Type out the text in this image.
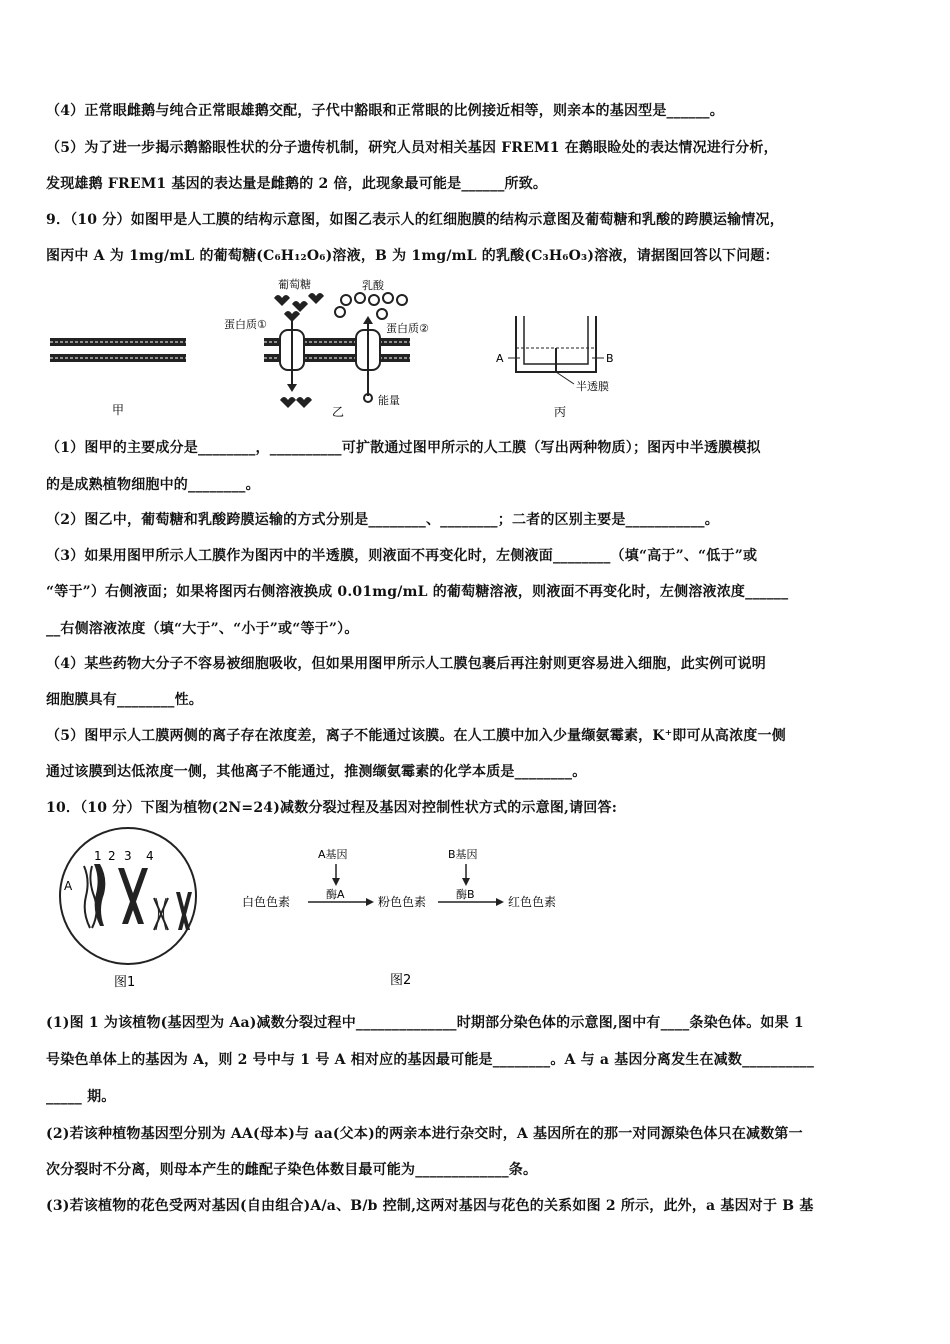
（4）正常眼雌鹅与纯合正常眼雄鹅交配，子代中豁眼和正常眼的比例接近相等，则亲本的基因型是______。
（5）为了进一步揭示鹅豁眼性状的分子遗传机制，研究人员对相关基因 FREM1 在鹅眼睑处的表达情况进行分析，
发现雄鹅 FREM1 基因的表达量是雌鹅的 2 倍，此现象最可能是______所致。
9．（10 分）如图甲是人工膜的结构示意图，如图乙表示人的红细胞膜的结构示意图及葡萄糖和乳酸的跨膜运输情况，
图丙中 A 为 1mg/mL 的葡萄糖(C₆H₁₂O₆)溶液，B 为 1mg/mL 的乳酸(C₃H₆O₃)溶液，请据图回答以下问题：
甲
葡萄糖	乳酸
蛋白质①	蛋白质②
能量
乙
A	B
半透膜
丙
（1）图甲的主要成分是________，__________可扩散通过图甲所示的人工膜（写出两种物质）；图丙中半透膜模拟
的是成熟植物细胞中的________。
（2）图乙中，葡萄糖和乳酸跨膜运输的方式分别是________、________；二者的区别主要是___________。
（3）如果用图甲所示人工膜作为图丙中的半透膜，则液面不再变化时，左侧液面________（填“高于”、“低于”或
“等于”）右侧液面；如果将图丙右侧溶液换成 0.01mg/mL 的葡萄糖溶液，则液面不再变化时，左侧溶液浓度______
__右侧溶液浓度（填“大于”、“小于”或“等于”）。
（4）某些药物大分子不容易被细胞吸收，但如果用图甲所示人工膜包裹后再注射则更容易进入细胞，此实例可说明
细胞膜具有________性。
（5）图甲示人工膜两侧的离子存在浓度差，离子不能通过该膜。在人工膜中加入少量缬氨霉素，K⁺即可从高浓度一侧
通过该膜到达低浓度一侧，其他离子不能通过，推测缬氨霉素的化学本质是________。
10．（10 分）下图为植物(2N=24)减数分裂过程及基因对控制性状方式的示意图,请回答:
1 2 3 4
A
图1
A基因	B基因
酶A	酶B
白色色素	粉色色素	红色色素
图2
(1)图 1 为该植物(基因型为 Aa)减数分裂过程中______________时期部分染色体的示意图,图中有____条染色体。如果 1
号染色单体上的基因为 A，则 2 号中与 1 号 A 相对应的基因最可能是________。A 与 a 基因分离发生在减数__________
_____ 期。
(2)若该种植物基因型分别为 AA(母本)与 aa(父本)的两亲本进行杂交时，A 基因所在的那一对同源染色体只在减数第一
次分裂时不分离，则母本产生的雌配子染色体数目最可能为_____________条。
(3)若该植物的花色受两对基因(自由组合)A/a、B/b 控制,这两对基因与花色的关系如图 2 所示，此外，a 基因对于 B 基
